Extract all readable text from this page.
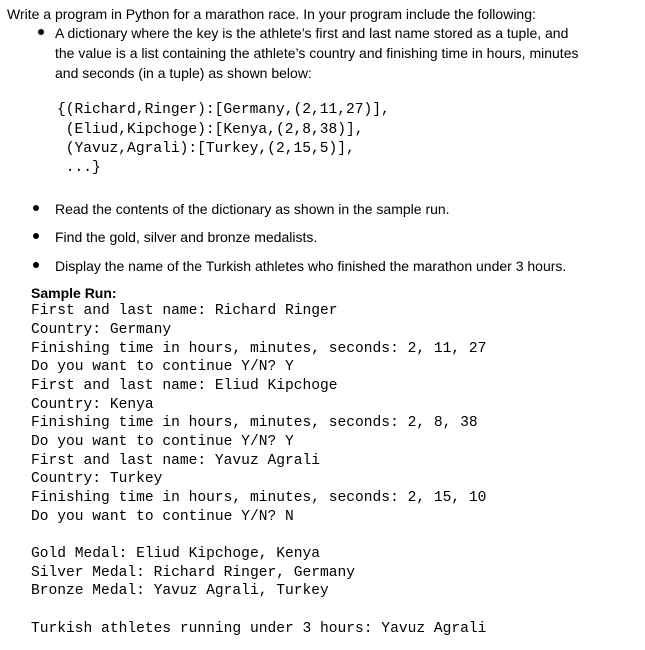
Write a program in Python for a marathon race. In your program include the following:
A dictionary where the key is the athlete’s first and last name stored as a tuple, and
the value is a list containing the athlete’s country and finishing time in hours, minutes
and seconds (in a tuple) as shown below:
{(Richard,Ringer):[Germany,(2,11,27)],
(Eliud,Kipchoge):[Kenya,(2,8,38)],
(Yavuz,Agrali):[Turkey,(2,15,5)],
...}
Read the contents of the dictionary as shown in the sample run.
Find the gold, silver and bronze medalists.
Display the name of the Turkish athletes who finished the marathon under 3 hours.
Sample Run:
First and last name: Richard Ringer
Country: Germany
Finishing time in hours, minutes, seconds: 2, 11, 27
Do you want to continue Y/N? Y
First and last name: Eliud Kipchoge
Country: Kenya
Finishing time in hours, minutes, seconds: 2, 8, 38
Do you want to continue Y/N? Y
First and last name: Yavuz Agrali
Country: Turkey
Finishing time in hours, minutes, seconds: 2, 15, 10
Do you want to continue Y/N? N
Gold Medal: Eliud Kipchoge, Kenya
Silver Medal: Richard Ringer, Germany
Bronze Medal: Yavuz Agrali, Turkey
Turkish athletes running under 3 hours: Yavuz Agrali
